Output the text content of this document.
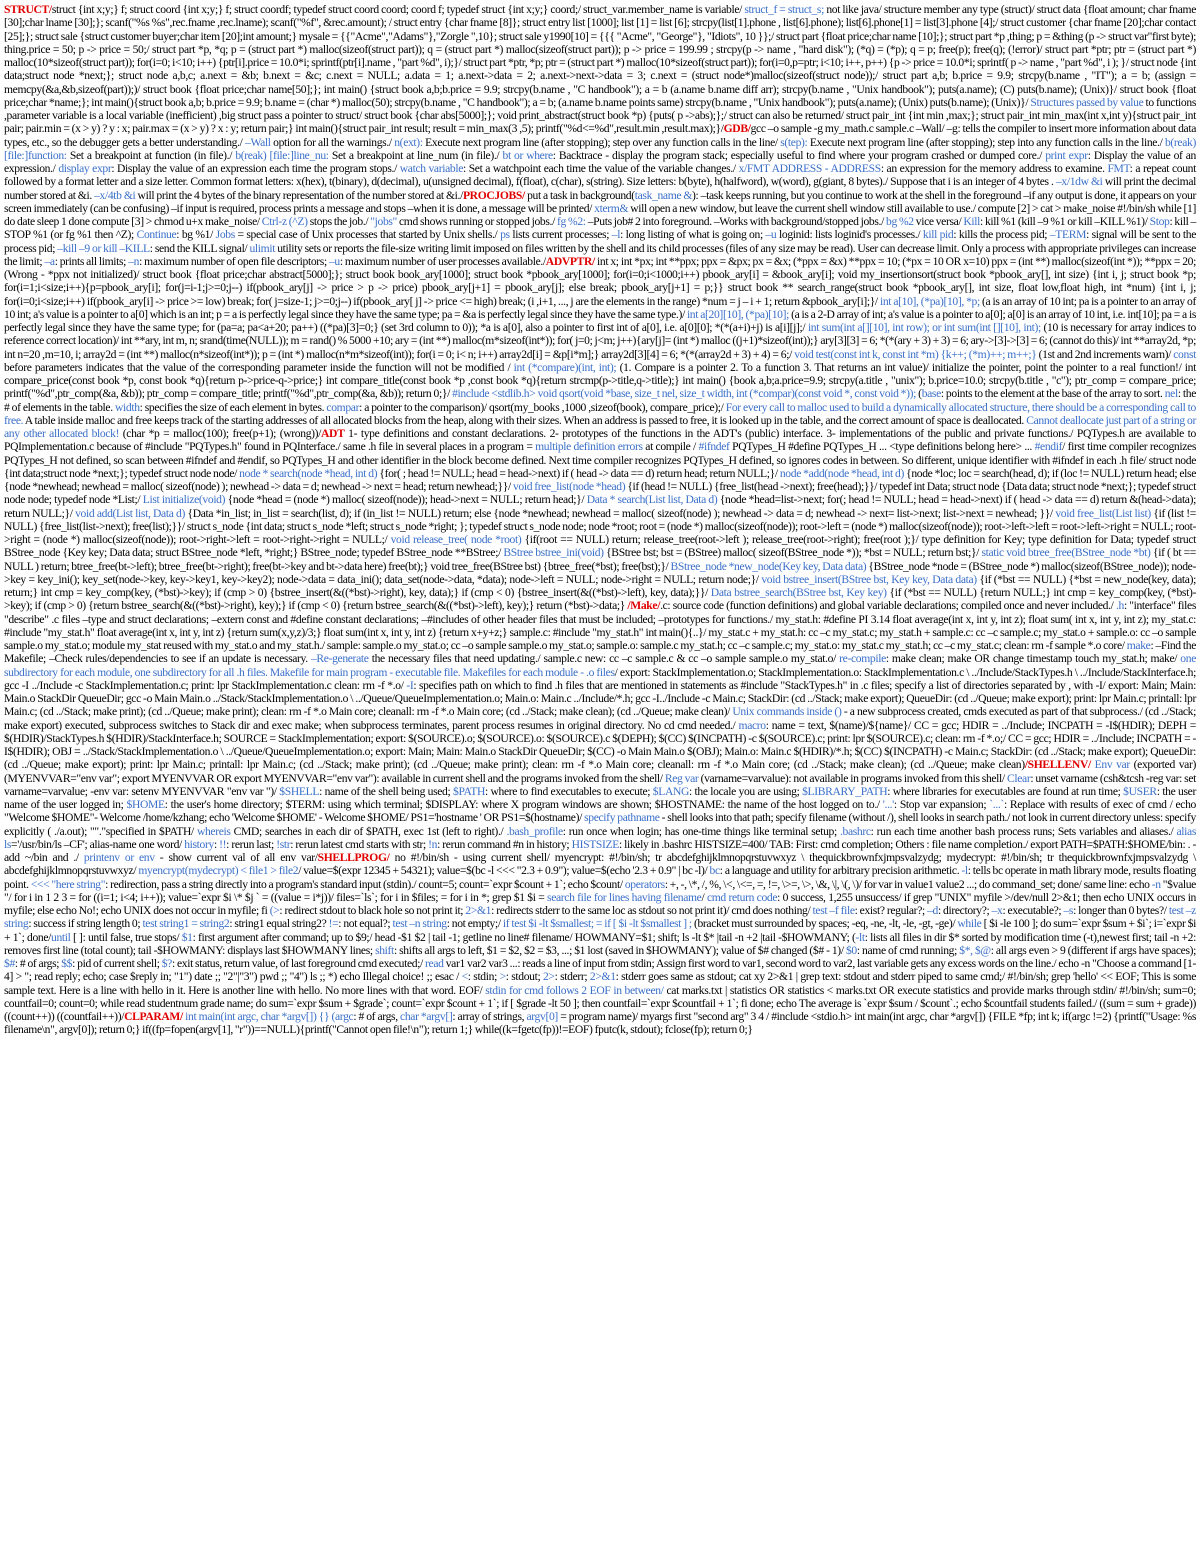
STRUCT/struct {int x;y;} f; struct coord {int x;y;} f; struct coordf; typedef struct coord coord; coord f; typedef struct {int x;y;} coord;/ struct_var.member_name is variable/ struct_f = struct_s; not like java/ structure member any type (struct)/ struct data {float amount; char fname [30];char lname [30];}; scanf("%s %s",rec.fname ,rec.lname); scanf("%f", &rec.amount); / struct entry {char fname [8]}; struct entry list [1000]; list [1] = list [6]; strcpy(list[1].phone , list[6].phone); list[6].phone[1] = list[3].phone [4];/ struct customer {char fname [20];char contact [25];}; struct sale {struct customer buyer;char item [20];int amount;} mysale = {{"Acme","Adams"},"Zorgle ",10}; struct sale y1990[10] = {{{ "Acme", "George"}, "Idiots", 10 }};/ struct part {float price;char name [10];}; struct part *p ,thing; p = &thing (p -> struct var"first byte); thing.price = 50; p -> price = 50;/ struct part *p, *q; p = (struct part *) malloc(sizeof(struct part)); q = (struct part *) malloc(sizeof(struct part)); p -> price = 199.99 ; strcpy(p -> name , "hard disk"); (*q) = (*p); q = p; free(p); free(q); (!error)/ struct part *ptr; ptr = (struct part *) malloc(10*sizeof(struct part)); for(i=0; i<10; i++) {ptr[i].price = 10.0*i; sprintf(ptr[i].name , "part %d", i);}/ struct part *ptr, *p; ptr = (struct part *) malloc(10*sizeof(struct part)); for(i=0,p=ptr; i<10; i++, p++) {p -> price = 10.0*i; sprintf( p -> name , "part %d", i ); }/ struct node {int data;struct node *next;}; struct node a,b,c; a.next = &b; b.next = &c; c.next = NULL; a.data = 1; a.next->data = 2; a.next->next->data = 3; c.next = (struct node*)malloc(sizeof(struct node));/ struct part a,b; b.price = 9.9; strcpy(b.name , "IT"); a = b; (assign = memcpy(&a,&b,sizeof(part));)/ struct book {float price;char name[50];}; int main() {struct book a,b;b.price = 9.9; strcpy(b.name , "C handbook"); a = b (a.name b.name diff arr); strcpy(b.name , "Unix handbook"); puts(a.name); (C) puts(b.name); (Unix)}/ struct book {float price;char *name;}; int main(){struct book a,b; b.price = 9.9; b.name = (char *) malloc(50); strcpy(b.name , "C handbook"); a = b; (a.name b.name points same) strcpy(b.name , "Unix handbook"); puts(a.name); (Unix) puts(b.name); (Unix)}/ Structures passed by value to functions ,parameter variable is a local variable (inefficient) ,big struct pass a pointer to struct/ struct book {char abs[5000];}; void print_abstract(struct book *p) {puts( p ->abs);};/ struct can also be returned/ struct pair_int {int min ,max;}; struct pair_int min_max(int x,int y){struct pair_int pair; pair.min = (x > y) ? y : x; pair.max = (x > y) ? x : y; return pair;} int main(){struct pair_int result; result = min_max(3 ,5); printf("%d<=%d",result.min ,result.max);}/GDB/gcc –o sample -g my_math.c sample.c –Wall/ –g: tells the compiler to insert more information about data types, etc., so the debugger gets a better understanding./ –Wall option for all the warnings./ n(ext): Execute next program line (after stopping); step over any function calls in the line/ s(tep): Execute next program line (after stopping); step into any function calls in the line./ b(reak) [file:]function: Set a breakpoint at function (in file)./ b(reak) [file:]line_nu: Set a breakpoint at line_num (in file)./ bt or where: Backtrace - display the program stack; especially useful to find where your program crashed or dumped core./ print expr: Display the value of an expression./ display expr: Display the value of an expression each time the program stops./ watch variable: Set a watchpoint each time the value of the variable changes./ x/FMT ADDRESS - ADDRESS: an expression for the memory address to examine. FMT: a repeat count followed by a format letter and a size letter. Common format letters: x(hex), t(binary), d(decimal), u(unsigned decimal), f(float), c(char), s(string). Size letters: b(byte), h(halfword), w(word), g(giant, 8 bytes)./ Suppose that i is an integer of 4 bytes . –x/1dw &i will print the decimal number stored at &i. –x/4tb &i will print the 4 bytes of the binary representation of the number stored at &i./PROCJOBS/ put a task in background(task_name &): –task keeps running, but you continue to work at the shell in the foreground –if any output is done, it appears on your screen immediately (can be confusing) –if input is required, process prints a message and stops –when it is done, a message will be printed/ xterm& will open a new window, but leave the current shell window still available to use./ compute [2] > cat > make_noise #!/bin/sh while [1] do date sleep 1 done compute [3] > chmod u+x make_noise/ Ctrl-z (^Z) stops the job./ "jobs" cmd shows running or stopped jobs./ fg %2: –Puts job# 2 into foreground. –Works with background/stopped jobs./ bg %2 vice versa/ Kill: kill %1 (kill –9 %1 or kill –KILL %1)/ Stop: kill –STOP %1 (or fg %1 then ^Z); Continue: bg %1/ Jobs = special case of Unix processes that started by Unix shells./ ps lists current processes; –l: long listing of what is going on; –u loginid: lists loginid's processes./ kill pid: kills the process pid; –TERM: signal will be sent to the process pid; –kill –9 or kill –KILL: send the KILL signal/ ulimit utility sets or reports the file-size writing limit imposed on files written by the shell and its child processes (files of any size may be read). User can decrease limit. Only a process with appropriate privileges can increase the limit; –a: prints all limits; –n: maximum number of open file descriptors; –u: maximum number of user processes available./ADVPTR/ int x; int *px; int **ppx; ppx = &px; px = &x; (*ppx = &x) **ppx = 10; (*px = 10 OR x=10) ppx = (int **) malloc(sizeof(int *)); **ppx = 20; (Wrong - *ppx not initialized)/ struct book {float price;char abstract[5000];}; struct book book_ary[1000]; struct book *pbook_ary[1000]; for(i=0;i<1000;i++) pbook_ary[i] = &book_ary[i]; void my_insertionsort(struct book *pbook_ary[], int size) {int i, j; struct book *p; for(i=1;i<size;i++){p=pbook_ary[i]; for(j=i-1;j>=0;j--) if(pbook_ary[j] -> price > p -> price) pbook_ary[j+1] = pbook_ary[j]; else break; pbook_ary[j+1] = p;}} struct book ** search_range(struct book *pbook_ary[], int size, float low,float high, int *num) {int i, j; for(i=0;i<size;i++) if(pbook_ary[i] -> price >= low) break; for( j=size-1; j>=0;j--) if(pbook_ary[ j] -> price <= high) break; (i ,i+1, ..., j are the elements in the range) *num = j – i + 1; return &pbook_ary[i];}/ int a[10], (*pa)[10], *p; (a is an array of 10 int; pa is a pointer to an array of 10 int; a's value is a pointer to a[0] which is an int; p = a is perfectly legal since they have the same type; pa = &a is perfectly legal since they have the same type.)/ int a[20][10], (*pa)[10]; (a is a 2-D array of int; a's value is a pointer to a[0]; a[0] is an array of 10 int, i.e. int[10]; pa = a is perfectly legal since they have the same type; for (pa=a; pa<a+20; pa++) ((*pa)[3]=0;} (set 3rd column to 0)); *a is a[0], also a pointer to first int of a[0], i.e. a[0][0]; *(*(a+i)+j) is a[i][j];/ int sum(int a[][10], int row); or int sum(int [][10], int); (10 is necessary for array indices to reference correct location)/ int **ary, int m, n; srand(time(NULL)); m = rand() % 5000 +10; ary = (int **) malloc(m*sizeof(int*)); for( j=0; j<m; j++){ary[j]= (int *) malloc ((j+1)*sizeof(int));} ary[3][3] = 6; *(*(ary + 3) + 3) = 6; ary->[3]->[3] = 6; (cannot do this)/ int **array2d, *p; int n=20 ,m=10, i; array2d = (int **) malloc(n*sizeof(int*)); p = (int *) malloc(n*m*sizeof(int)); for(i = 0; i< n; i++) array2d[i] = &p[i*m];} array2d[3][4] = 6; *(*(array2d + 3) + 4) = 6;/ void test(const int k, const int *m) {k++; (*m)++; m++;} (1st and 2nd increments warn)/ const before parameters indicates that the value of the corresponding parameter inside the function will not be modified / int (*compare)(int, int); (1. Compare is a pointer 2. To a function 3. That returns an int value)/ initialize the pointer, point the pointer to a real function!/ int compare_price(const book *p, const book *q){return p->price-q->price;} int compare_title(const book *p ,const book *q){return strcmp(p->title,q->title);} int main() {book a,b;a.price=9.9; strcpy(a.title , "unix"); b.price=10.0; strcpy(b.title , "c"); ptr_comp = compare_price; printf("%d",ptr_comp(&a, &b)); ptr_comp = compare_title; printf("%d",ptr_comp(&a, &b)); return 0;}/ #include <stdlib.h> void qsort(void *base, size_t nel, size_t width, int (*compar)(const void *, const void *)); (base: points to the element at the base of the array to sort. nel: the # of elements in the table. width: specifies the size of each element in bytes. compar: a pointer to the comparison)/ qsort(my_books ,1000 ,sizeof(book), compare_price);/ For every call to malloc used to build a dynamically allocated structure, there should be a corresponding call to free. A table inside malloc and free keeps track of the starting addresses of all allocated blocks from the heap, along with their sizes. When an address is passed to free, it is looked up in the table, and the correct amount of space is deallocated. Cannot deallocate just part of a string or any other allocated block! (char *p = malloc(100); free(p+1); (wrong))/ADT 1- type definitions and constant declarations. 2- prototypes of the functions in the ADT's (public) interface. 3- implementations of the public and private functions./ PQTypes.h are available to PQImplementation.c because of #include "PQTypes.h" found in PQInterface./ same .h file in several places in a program = multiple definition errors at compile / #ifndef PQTypes_H #define PQTypes_H ... <type definitions belong here> ... #endif/ first time compiler recognizes PQTypes_H not defined, so scan between #ifndef and #endif, so PQTypes_H and other identifier in the block become defined. Next time compiler recognizes PQTypes_H defined, so ignores codes in between. So different, unique identifier with #ifndef in each .h file/ struct node {int data;struct node *next;}; typedef struct node node/ node * search(node *head, int d) {for( ; head != NULL; head = head->next) if ( head -> data == d) return head; return NULL;}/ node *add(node *head, int d) {node *loc; loc = search(head, d); if (loc != NULL) return head; else {node *newhead; newhead = malloc( sizeof(node) ); newhead -> data = d; newhead -> next = head; return newhead;}}/ void free_list(node *head) {if (head != NULL) {free_list(head ->next); free(head);}}/ typedef int Data; struct node {Data data; struct node *next;}; typedef struct node node; typedef node *List;/ List initialize(void) {node *head = (node *) malloc( sizeof(node)); head->next = NULL; return head;}/ Data * search(List list, Data d) {node *head=list->next; for(; head != NULL; head = head->next) if ( head -> data == d) return &(head->data); return NULL;}/ void add(List list, Data d) {Data *in_list; in_list = search(list, d); if (in_list != NULL) return; else {node *newhead; newhead = malloc( sizeof(node) ); newhead -> data = d; newhead -> next= list->next; list->next = newhead; }}/ void free_list(List list) {if (list != NULL) {free_list(list->next); free(list);}}/ struct s_node {int data; struct s_node *left; struct s_node *right; }; typedef struct s_node node; node *root; root = (node *) malloc(sizeof(node)); root->left = (node *) malloc(sizeof(node)); root->left->left = root->left->right = NULL; root->right = (node *) malloc(sizeof(node)); root->right->left = root->right->right = NULL;/ void release_tree( node *root) {if(root == NULL) return; release_tree(root->left ); release_tree(root->right); free(root );}/ type definition for Key; type definition for Data; typedef struct BStree_node {Key key; Data data; struct BStree_node *left, *right;} BStree_node; typedef BStree_node **BStree;/ BStree bstree_ini(void) {BStree bst; bst = (BStree) malloc( sizeof(BStree_node *)); *bst = NULL; return bst;}/ static void btree_free(BStree_node *bt) {if ( bt == NULL ) return; btree_free(bt->left); btree_free(bt->right); free(bt->key and bt->data here) free(bt);} void tree_free(BStree bst) {btree_free(*bst); free(bst);}/ BStree_node *new_node(Key key, Data data) {BStree_node *node = (BStree_node *) malloc(sizeof(BStree_node)); node->key = key_ini(); key_set(node->key, key->key1, key->key2); node->data = data_ini(); data_set(node->data, *data); node->left = NULL; node->right = NULL; return node;}/ void bstree_insert(BStree bst, Key key, Data data) {if (*bst == NULL) {*bst = new_node(key, data); return;} int cmp = key_comp(key, (*bst)->key); if (cmp > 0) {bstree_insert(&((*bst)->right), key, data);} if (cmp < 0) {bstree_insert(&((*bst)->left), key, data);}}/ Data bstree_search(BStree bst, Key key) {if (*bst == NULL) {return NULL;} int cmp = key_comp(key, (*bst)->key); if (cmp > 0) {return bstree_search(&((*bst)->right), key);} if (cmp < 0) {return bstree_search(&((*bst)->left), key);} return (*bst)->data;} /Make/.c: source code (function definitions) and global variable declarations; compiled once and never included./ .h: "interface" files "describe" .c files –type and struct declarations; –extern const and #define constant declarations; –#includes of other header files that must be included; –prototypes for functions./ my_stat.h: #define PI 3.14 float average(int x, int y, int z); float sum( int x, int y, int z); my_stat.c: #include "my_stat.h" float average(int x, int y, int z) {return sum(x,y,z)/3;} float sum(int x, int y, int z) {return x+y+z;} sample.c: #include "my_stat.h" int main(){..}/ my_stat.c + my_stat.h: cc –c my_stat.c; my_stat.h + sample.c: cc –c sample.c; my_stat.o + sample.o: cc –o sample sample.o my_stat.o; module my_stat reused with my_stat.o and my_stat.h./ sample: sample.o my_stat.o; cc –o sample sample.o my_stat.o; sample.o: sample.c my_stat.h; cc –c sample.c; my_stat.o: my_stat.c my_stat.h; cc –c my_stat.c; clean: rm -f sample *.o core/ make: –Find the Makefile; –Check rules/dependencies to see if an update is necessary. –Re-generate the necessary files that need updating./ sample.c new: cc –c sample.c & cc –o sample sample.o my_stat.o/ re-compile: make clean; make OR change timestamp touch my_stat.h; make/ one subdirectory for each module, one subdirectory for all .h files. Makefile for main program - executable file. Makefiles for each module - .o files/ export: StackImplementation.o; StackImplementation.o: StackImplementation.c \ ../Include/StackTypes.h \ ../Include/StackInterface.h; gcc -I ../Include -c StackImplementation.c; print: lpr StackImplementation.c clean: rm -f *.o/ -I: specifies path on which to find .h files that are mentioned in statements as #include "StackTypes.h" in .c files; specify a list of directories separated by , with -I/ export: Main; Main: Main.o StackDir QueueDir; gcc -o Main Main.o ../Stack/StackImplementation.o \ ../Queue/QueueImplementation.o; Main.o: Main.c ../Include/*.h; gcc -I../Include -c Main.c; StackDir: (cd ../Stack; make export); QueueDir: (cd ../Queue; make export); print: lpr Main.c; printall: lpr Main.c; (cd ../Stack; make print); (cd ../Queue; make print); clean: rm -f *.o Main core; cleanall: rm -f *.o Main core; (cd ../Stack; make clean); (cd ../Queue; make clean)/ Unix commands inside () - a new subprocess created, cmds executed as part of that subprocess./ (cd ../Stack; make export) executed, subprocess switches to Stack dir and exec make; when subprocess terminates, parent process resumes in original directory. No cd cmd needed./ macro: name = text, $(name)/${name}/ CC = gcc; HDIR = ../Include; INCPATH = -I$(HDIR); DEPH = $(HDIR)/StackTypes.h $(HDIR)/StackInterface.h; SOURCE = StackImplementation; export: $(SOURCE).o; $(SOURCE).o: $(SOURCE).c $(DEPH); $(CC) $(INCPATH) -c $(SOURCE).c; print: lpr $(SOURCE).c; clean: rm -f *.o;/ CC = gcc; HDIR = ../Include; INCPATH = -I$(HDIR); OBJ = ../Stack/StackImplementation.o \ ../Queue/QueueImplementation.o; export: Main; Main: Main.o StackDir QueueDir; $(CC) -o Main Main.o $(OBJ); Main.o: Main.c $(HDIR)/*.h; $(CC) $(INCPATH) -c Main.c; StackDir: (cd ../Stack; make export); QueueDir: (cd ../Queue; make export); print: lpr Main.c; printall: lpr Main.c; (cd ../Stack; make print); (cd ../Queue; make print); clean: rm -f *.o Main core; cleanall: rm -f *.o Main core; (cd ../Stack; make clean); (cd ../Queue; make clean)/SHELLENV/ Env var (exported var) (MYENVVAR="env var"; export MYENVVAR OR export MYENVVAR="env var"): available in current shell and the programs invoked from the shell/ Reg var (varname=varvalue): not available in programs invoked from this shell/ Clear: unset varname (csh&tcsh -reg var: set varname=varvalue; -env var: setenv MYENVVAR "env var ")/ $SHELL: name of the shell being used; $PATH: where to find executables to execute; $LANG: the locale you are using; $LIBRARY_PATH: where libraries for executables are found at run time; $USER: the user name of the user logged in; $HOME: the user's home directory; $TERM: using which terminal; $DISPLAY: where X program windows are shown; $HOSTNAME: the name of the host logged on to./ '...': Stop var expansion; `...`: Replace with results of exec of cmd / echo "Welcome $HOME"- Welcome /home/kzhang; echo 'Welcome $HOME' - Welcome $HOME/ PS1='hostname ' OR PS1=$(hostname)/ specify pathname - shell looks into that path; specify filename (without /), shell looks in search path./ not look in current directory unless: specify explicitly ( ./a.out); ""."specified in $PATH/ whereis CMD; searches in each dir of $PATH, exec 1st (left to right)./ .bash_profile: run once when login; has one-time things like terminal setup; .bashrc: run each time another bash process runs; Sets variables and aliases./ alias ls='/usr/bin/ls –CF'; alias-name one word/ history: !!: rerun last; !str: rerun latest cmd starts with str; !n: rerun command #n in history; HISTSIZE: likely in .bashrc HISTSIZE=400/ TAB: First: cmd completion; Others : file name completion./ export PATH=$PATH:$HOME/bin: . - add ~/bin and ./ printenv or env - show current val of all env var/SHELLPROG/ no #!/bin/sh - using current shell/ myencrypt: #!/bin/sh; tr abcdefghijklmnopqrstuvwxyz \ thequickbrownfxjmpsvalzydg; mydecrypt: #!/bin/sh; tr thequickbrownfxjmpsvalzydg \ abcdefghijklmnopqrstuvwxyz/ myencrypt(mydecrypt) < file1 > file2/ value=$(expr 12345 + 54321); value=$(bc -l <<< "2.3 + 0.9"); value=$(echo '2.3 + 0.9" | bc -l)/ bc: a language and utility for arbitrary precision arithmetic. -l: tells bc operate in math library mode, results floating point. <<< "here string": redirection, pass a string directly into a program's standard input (stdin)./ count=5; count=`expr $count + 1`; echo $count/ operators: +, -, \*, /, %, \<, \<=, =, !=, \>=, \>, \&, \|, \(, \)/ for var in value1 value2 ...; do command_set; done/ same line: echo -n "$value "/ for i in 1 2 3 = for ((i=1; i<4; i++)); value=`expr $i \* $j ` = ((value = i*j))/ files=`ls`; for i in $files; = for i in *; grep $1 $i = search file for lines having filename/ cmd return code: 0 success, 1,255 unsuccess/ if grep "UNIX" myfile >/dev/null 2>&1; then echo UNIX occurs in myfile; else echo No!; echo UNIX does not occur in myfile; fi (>: redirect stdout to black hole so not print it; 2>&1: redirects stderr to the same loc as stdout so not print it)/ cmd does nothing/ test –f file: exist? regular?; –d: directory?; –x: executable?; –s: longer than 0 bytes?/ test –z string: success if string length 0; test string1 = string2: string1 equal string2? !=: not equal?; test –n string: not empty;/ if test $i -lt $smallest; = if [ $i -lt $smallest ] ; (bracket must surrounded by spaces; -eq, -ne, -lt, -le, -gt, -ge)/ while [ $i -le 100 ]; do sum=`expr $sum + $i`; i=`expr $i + 1`; done/until [ ]: until false, true stops/ $1: first argument after command; up to $9;/ head -$1 $2 | tail -1; getline no line# filename/ HOWMANY=$1; shift; ls -lt $* |tail -n +2 |tail -$HOWMANY; (-lt: lists all files in dir $* sorted by modification time (-t),newest first; tail -n +2: removes first line (total count); tail -$HOWMANY: displays last $HOWMANY lines; shift: shifts all args to left, $1 = $2, $2 = $3, ...; $1 lost (saved in $HOWMANY); value of $# changed ($# - 1)/ $0: name of cmd running; $*, $@: all args even > 9 (different if args have spaces); $#: # of args; $$: pid of current shell; $?: exit status, return value, of last foreground cmd executed;/ read var1 var2 var3 ...: reads a line of input from stdin; Assign first word to var1, second word to var2, last variable gets any excess words on the line./ echo -n "Choose a command [1-4] > "; read reply; echo; case $reply in; "1") date ;; "2"|"3") pwd ;; "4") ls ;; *) echo Illegal choice! ;; esac / <: stdin; >: stdout; 2>: stderr; 2>&1: stderr goes same as stdout; cat xy 2>&1 | grep text: stdout and stderr piped to same cmd;/ #!/bin/sh; grep 'hello' << EOF; This is some sample text. Here is a line with hello in it. Here is another line with hello. No more lines with that word. EOF/ stdin for cmd follows 2 EOF in between/ cat marks.txt | statistics OR statistics < marks.txt OR execute statistics and provide marks through stdin/ #!/bin/sh; sum=0; countfail=0; count=0; while read studentnum grade name; do sum=`expr $sum + $grade`; count=`expr $count + 1`; if [ $grade -lt 50 ]; then countfail=`expr $countfail + 1`; fi done; echo The average is `expr $sum / $count`.; echo $countfail students failed./ ((sum = sum + grade)) ((count++)) ((countfail++))/CLPARAM/ int main(int argc, char *argv[]) {} (argc: # of args, char *argv[]: array of strings, argv[0] = program name)/ myargs first "second arg" 3 4 / #include <stdio.h> int main(int argc, char *argv[]) {FILE *fp; int k; if(argc !=2) {printf("Usage: %s filename\n", argv[0]); return 0;} if((fp=fopen(argv[1], "r"))==NULL){printf("Cannot open file!\n"); return 1;} while((k=fgetc(fp))!=EOF) fputc(k, stdout); fclose(fp); return 0;}
